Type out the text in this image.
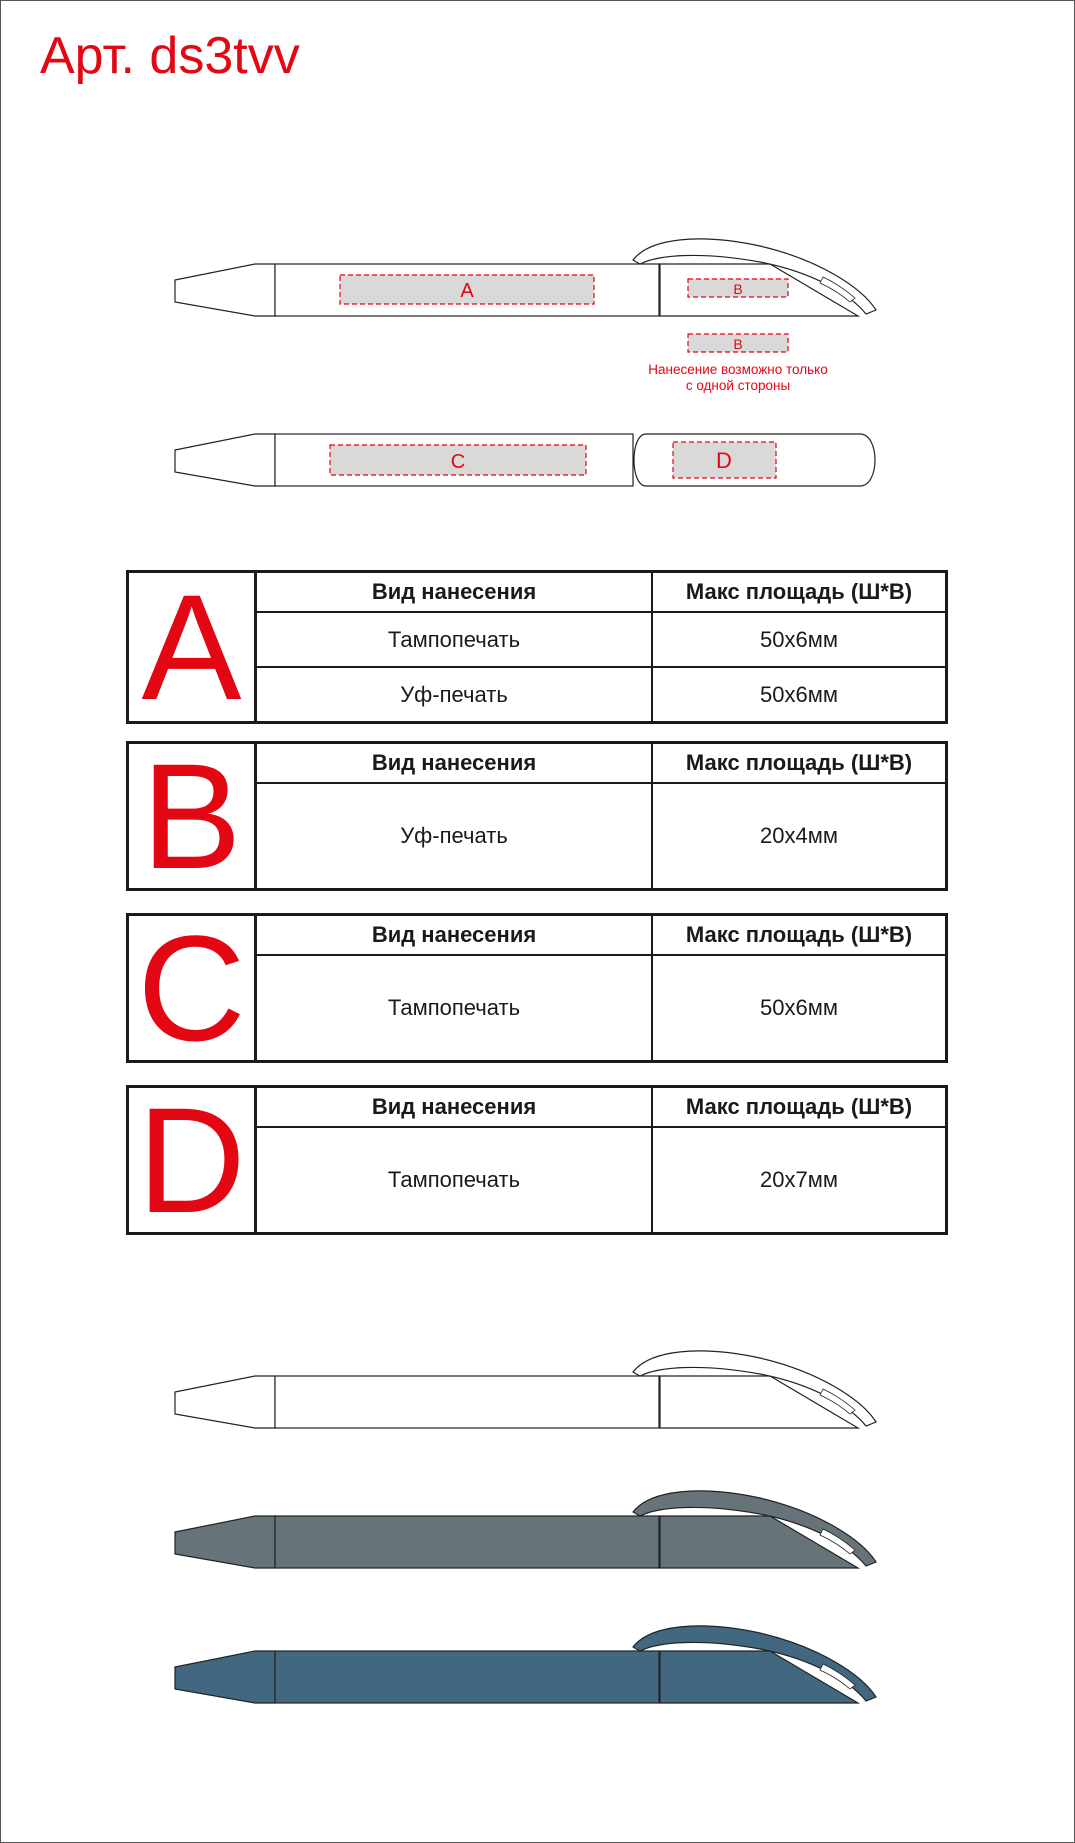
Арт. ds3tvv
A	B
B
Нанесение возможно только
с одной стороны
C	D
A	Вид нанесения	Макс площадь (Ш*В)
Тампопечать	50х6мм
Уф-печать	50х6мм
B	Вид нанесения	Макс площадь (Ш*В)
Уф-печать	20х4мм
C	Вид нанесения	Макс площадь (Ш*В)
Тампопечать	50х6мм
D	Вид нанесения	Макс площадь (Ш*В)
Тампопечать	20х7мм
